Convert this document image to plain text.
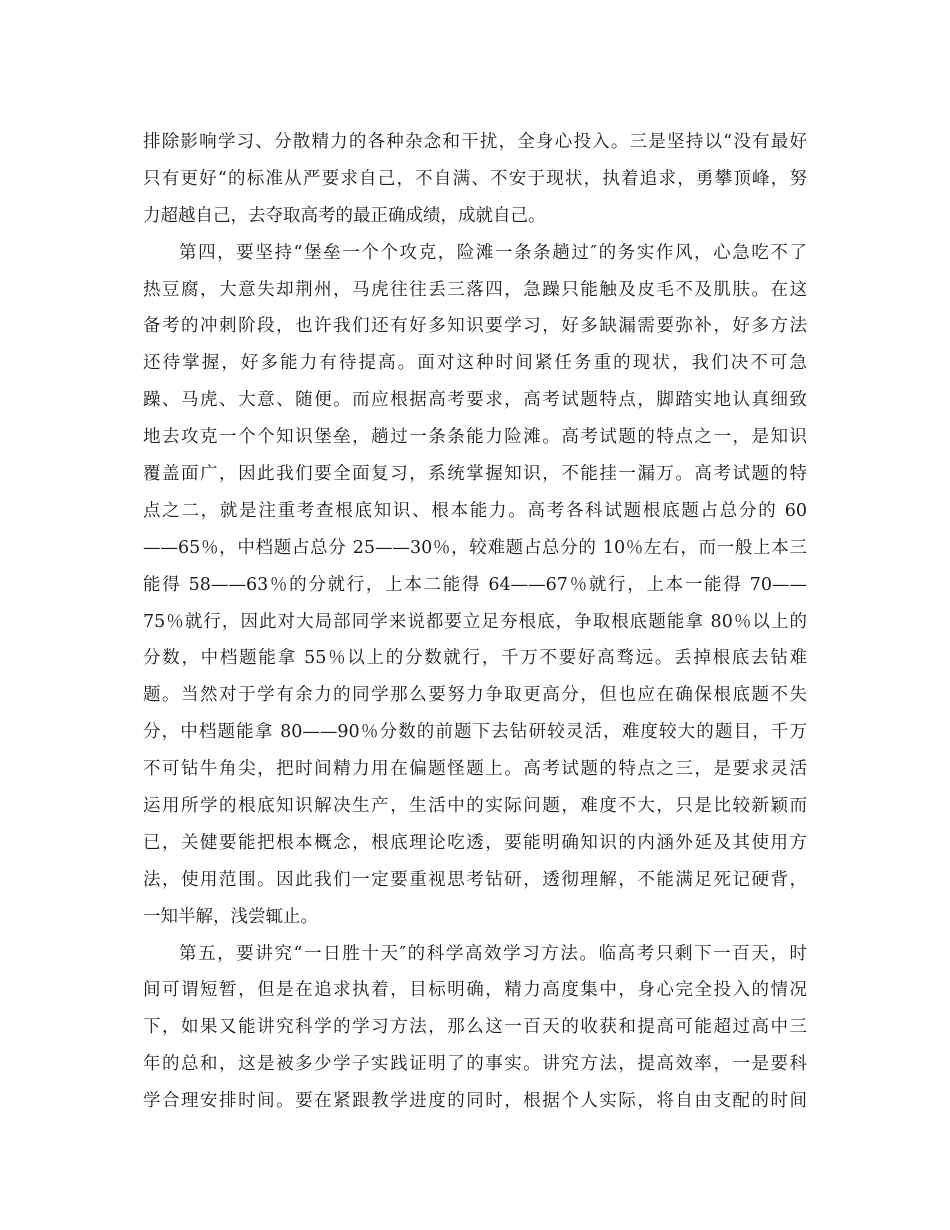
排除影响学习、分散精力的各种杂念和干扰，全身心投入。三是坚持以“没有最好
只有更好“的标准从严要求自己，不自满、不安于现状，执着追求，勇攀顶峰，努
力超越自己，去夺取高考的最正确成绩，成就自己。
第四，要坚持“堡垒一个个攻克，险滩一条条趟过″的务实作风，心急吃不了
热豆腐，大意失却荆州，马虎往往丢三落四，急躁只能触及皮毛不及肌肤。在这
备考的冲刺阶段，也许我们还有好多知识要学习，好多缺漏需要弥补，好多方法
还待掌握，好多能力有待提高。面对这种时间紧任务重的现状，我们决不可急
躁、马虎、大意、随便。而应根据高考要求，高考试题特点，脚踏实地认真细致
地去攻克一个个知识堡垒，趟过一条条能力险滩。高考试题的特点之一，是知识
覆盖面广，因此我们要全面复习，系统掌握知识，不能挂一漏万。高考试题的特
点之二，就是注重考查根底知识、根本能力。高考各科试题根底题占总分的 60
——65％，中档题占总分 25——30％，较难题占总分的 10％左右，而一般上本三
能得 58——63％的分就行，上本二能得 64——67％就行，上本一能得 70——
75％就行，因此对大局部同学来说都要立足夯根底，争取根底题能拿 80％以上的
分数，中档题能拿 55％以上的分数就行，千万不要好高骛远。丢掉根底去钻难
题。当然对于学有余力的同学那么要努力争取更高分，但也应在确保根底题不失
分，中档题能拿 80——90％分数的前题下去钻研较灵活，难度较大的题目，千万
不可钻牛角尖，把时间精力用在偏题怪题上。高考试题的特点之三，是要求灵活
运用所学的根底知识解决生产，生活中的实际问题，难度不大，只是比较新颖而
已，关健要能把根本概念，根底理论吃透，要能明确知识的内涵外延及其使用方
法，使用范围。因此我们一定要重视思考钻研，透彻理解，不能满足死记硬背，
一知半解，浅尝辄止。
第五，要讲究“一日胜十天″的科学高效学习方法。临高考只剩下一百天，时
间可谓短暂，但是在追求执着，目标明确，精力高度集中，身心完全投入的情况
下，如果又能讲究科学的学习方法，那么这一百天的收获和提高可能超过高中三
年的总和，这是被多少学子实践证明了的事实。讲究方法，提高效率，一是要科
学合理安排时间。要在紧跟教学进度的同时，根据个人实际，将自由支配的时间
